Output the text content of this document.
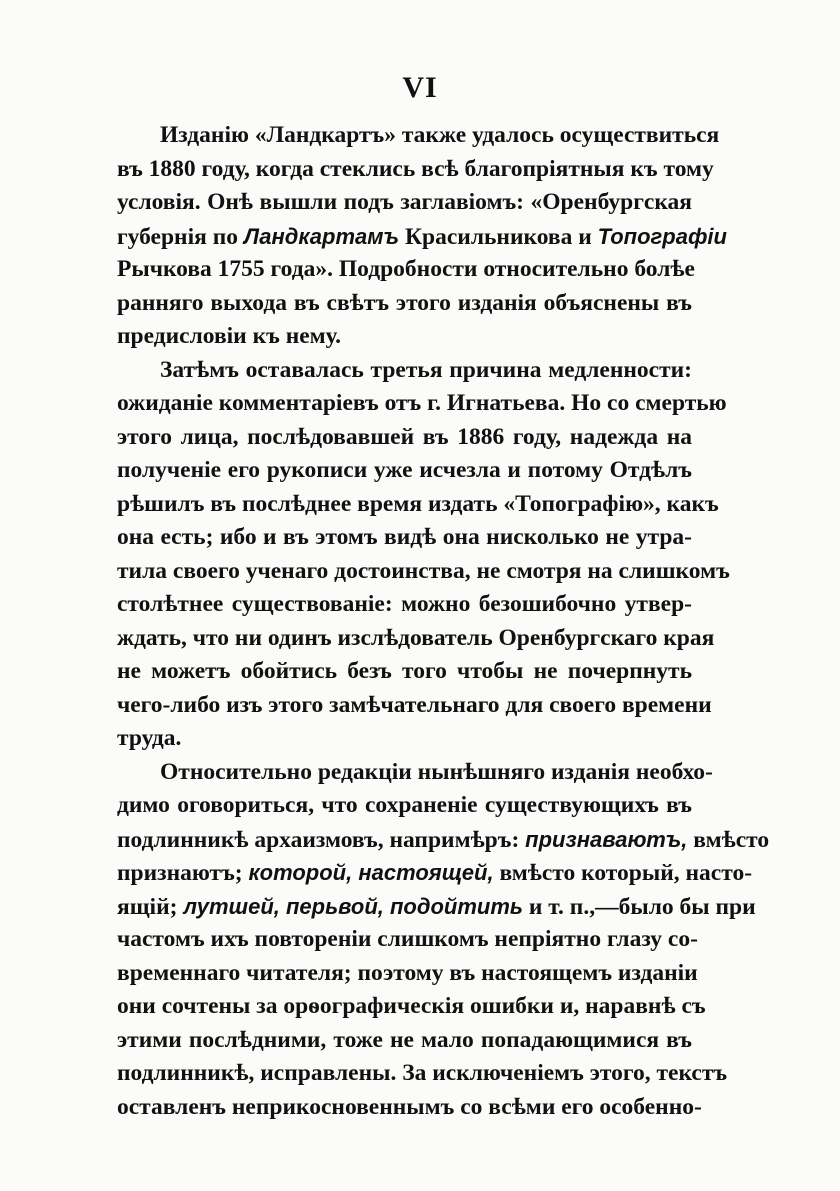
VI
Изданію «Ландкартъ» также удалось осуществиться
въ 1880 году, когда стеклись всѣ благопріятныя къ тому
условія. Онѣ вышли подъ заглавіомъ: «Оренбургская
губернія по Ландкартамъ Красильникова и Топографіи
Рычкова 1755 года». Подробности относительно болѣе
ранняго выхода въ свѣтъ этого изданія объяснены въ
предисловіи къ нему.
Затѣмъ оставалась третья причина медленности:
ожиданіе комментаріевъ отъ г. Игнатьева. Но со смертью
этого лица, послѣдовавшей въ 1886 году, надежда на
полученіе его рукописи уже исчезла и потому Отдѣлъ
рѣшилъ въ послѣднее время издать «Топографію», какъ
она есть; ибо и въ этомъ видѣ она нисколько не утра-
тила своего ученаго достоинства, не смотря на слишкомъ
столѣтнее существованіе: можно безошибочно утвер-
ждать, что ни одинъ изслѣдователь Оренбургскаго края
не можетъ обойтись безъ того чтобы не почерпнуть
чего-либо изъ этого замѣчательнаго для своего времени
труда.
Относительно редакціи нынѣшняго изданія необхо-
димо оговориться, что сохраненіе существующихъ въ
подлинникѣ архаизмовъ, напримѣръ: признаваютъ, вмѣсто
признаютъ; которой, настоящей, вмѣсто который, насто-
ящій; лутшей, перьвой, подойтить и т. п.,—было бы при
частомъ ихъ повтореніи слишкомъ непріятно глазу со-
временнаго читателя; поэтому въ настоящемъ изданіи
они сочтены за орѳографическія ошибки и, наравнѣ съ
этими послѣдними, тоже не мало попадающимися въ
подлинникѣ, исправлены. За исключеніемъ этого, текстъ
оставленъ неприкосновеннымъ со всѣми его особенно-
